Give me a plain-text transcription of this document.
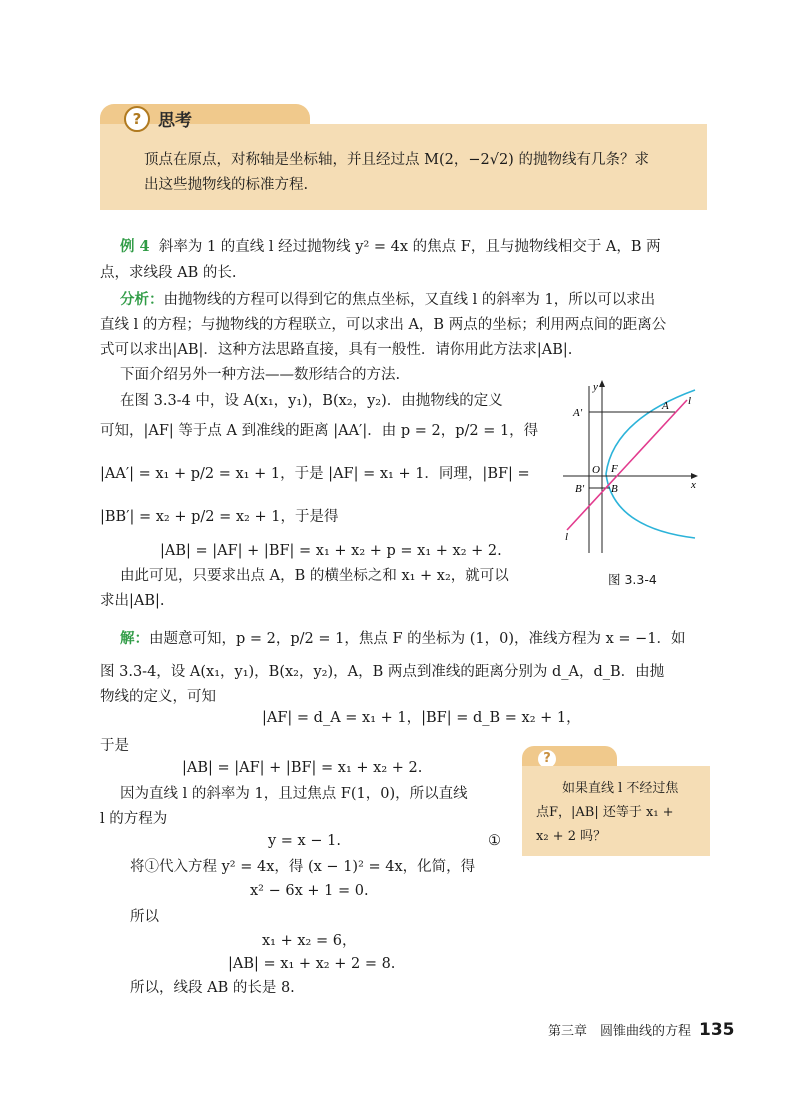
顶点在原点，对称轴是坐标轴，并且经过点 M(2，−2√2) 的抛物线有几条？求
出这些抛物线的标准方程.
? 思考
例 4 斜率为 1 的直线 l 经过抛物线 y² = 4x 的焦点 F，且与抛物线相交于 A，B 两
点，求线段 AB 的长.
分析：由抛物线的方程可以得到它的焦点坐标，又直线 l 的斜率为 1，所以可以求出
直线 l 的方程；与抛物线的方程联立，可以求出 A，B 两点的坐标；利用两点间的距离公
式可以求出|AB|．这种方法思路直接，具有一般性．请你用此方法求|AB|.
下面介绍另外一种方法——数形结合的方法.
在图 3.3-4 中，设 A(x₁，y₁)，B(x₂，y₂)．由抛物线的定义
可知，|AF| 等于点 A 到准线的距离 |AA′|．由 p = 2，p/2 = 1，得
|AA′| = x₁ + p/2 = x₁ + 1，于是 |AF| = x₁ + 1．同理，|BF| =
|BB′| = x₂ + p/2 = x₂ + 1，于是得
|AB| = |AF| + |BF| = x₁ + x₂ + p = x₁ + x₂ + 2.
由此可见，只要求出点 A，B 的横坐标之和 x₁ + x₂，就可以
求出|AB|.
y
x
l
l
A
A′
O F
B
B′
图 3.3-4
解：由题意可知，p = 2，p/2 = 1，焦点 F 的坐标为 (1，0)，准线方程为 x = −1．如
图 3.3-4，设 A(x₁，y₁)，B(x₂，y₂)，A，B 两点到准线的距离分别为 d_A，d_B．由抛
物线的定义，可知
|AF| = d_A = x₁ + 1，|BF| = d_B = x₂ + 1，
于是
|AB| = |AF| + |BF| = x₁ + x₂ + 2.
因为直线 l 的斜率为 1，且过焦点 F(1，0)，所以直线
l 的方程为
y = x − 1.	①
将①代入方程 y² = 4x，得 (x − 1)² = 4x，化简，得
x² − 6x + 1 = 0.
所以
x₁ + x₂ = 6，
|AB| = x₁ + x₂ + 2 = 8.
所以，线段 AB 的长是 8.
?
如果直线 l 不经过焦
点F，|AB| 还等于 x₁ +
x₂ + 2 吗？
第三章　圆锥曲线的方程 135
